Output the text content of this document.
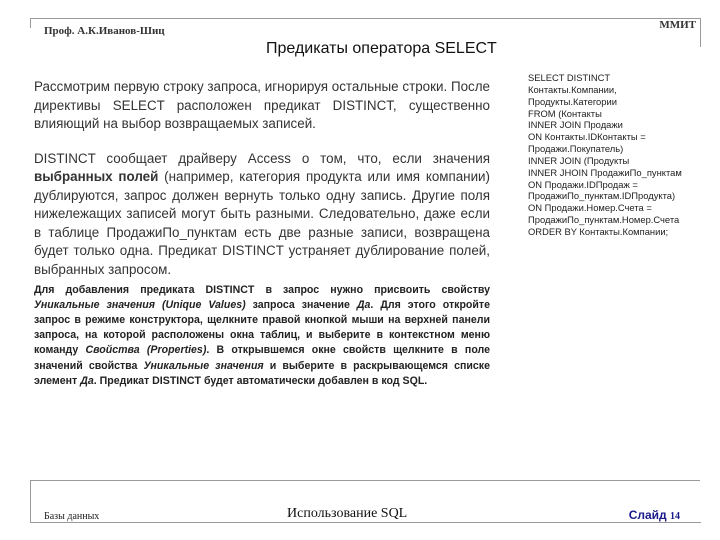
Проф. А.К.Иванов-Шиц	ММИТ
Предикаты оператора SELECT

Рассмотрим первую строку запроса, игнорируя остальные строки. После директивы SELECT расположен предикат DISTINCT, существенно влияющий на выбор возвращаемых записей.

DISTINCT сообщает драйверу Access о том, что, если значения выбранных полей (например, категория продукта или имя компании) дублируются, запрос должен вернуть только одну запись. Другие поля нижележащих записей могут быть разными. Следовательно, даже если в таблице ПродажиПо_пунктам есть две разные записи, возвращена будет только одна. Предикат DISTINCT устраняет дублирование полей, выбранных запросом.

Для добавления предиката DISTINCT в запрос нужно присвоить свойству Уникальные значения (Unique Values) запроса значение Да. Для этого откройте запрос в режиме конструктора, щелкните правой кнопкой мыши на верхней панели запроса, на которой расположены окна таблиц, и выберите в контекстном меню команду Свойства (Properties). В открывшемся окне свойств щелкните в поле значений свойства Уникальные значения и выберите в раскрывающемся списке элемент Да. Предикат DISTINCT будет автоматически добавлен в код SQL.

SELECT DISTINCT
Контакты.Компании,
Продукты.Категории
FROM (Контакты
INNER JOIN Продажи
ON Контакты.IDКонтакты =
Продажи.Покупатель)
INNER JOIN (Продукты
INNER JHOIN ПродажиПо_пунктам
ON Продажи.IDПродаж =
ПродажиПо_пунктам.IDПродукта)
ON Продажи.Номер.Счета =
ПродажиПо_пунктам.Номер.Счета
ORDER BY Контакты.Компании;
Базы данных	Использование SQL	Слайд 14
